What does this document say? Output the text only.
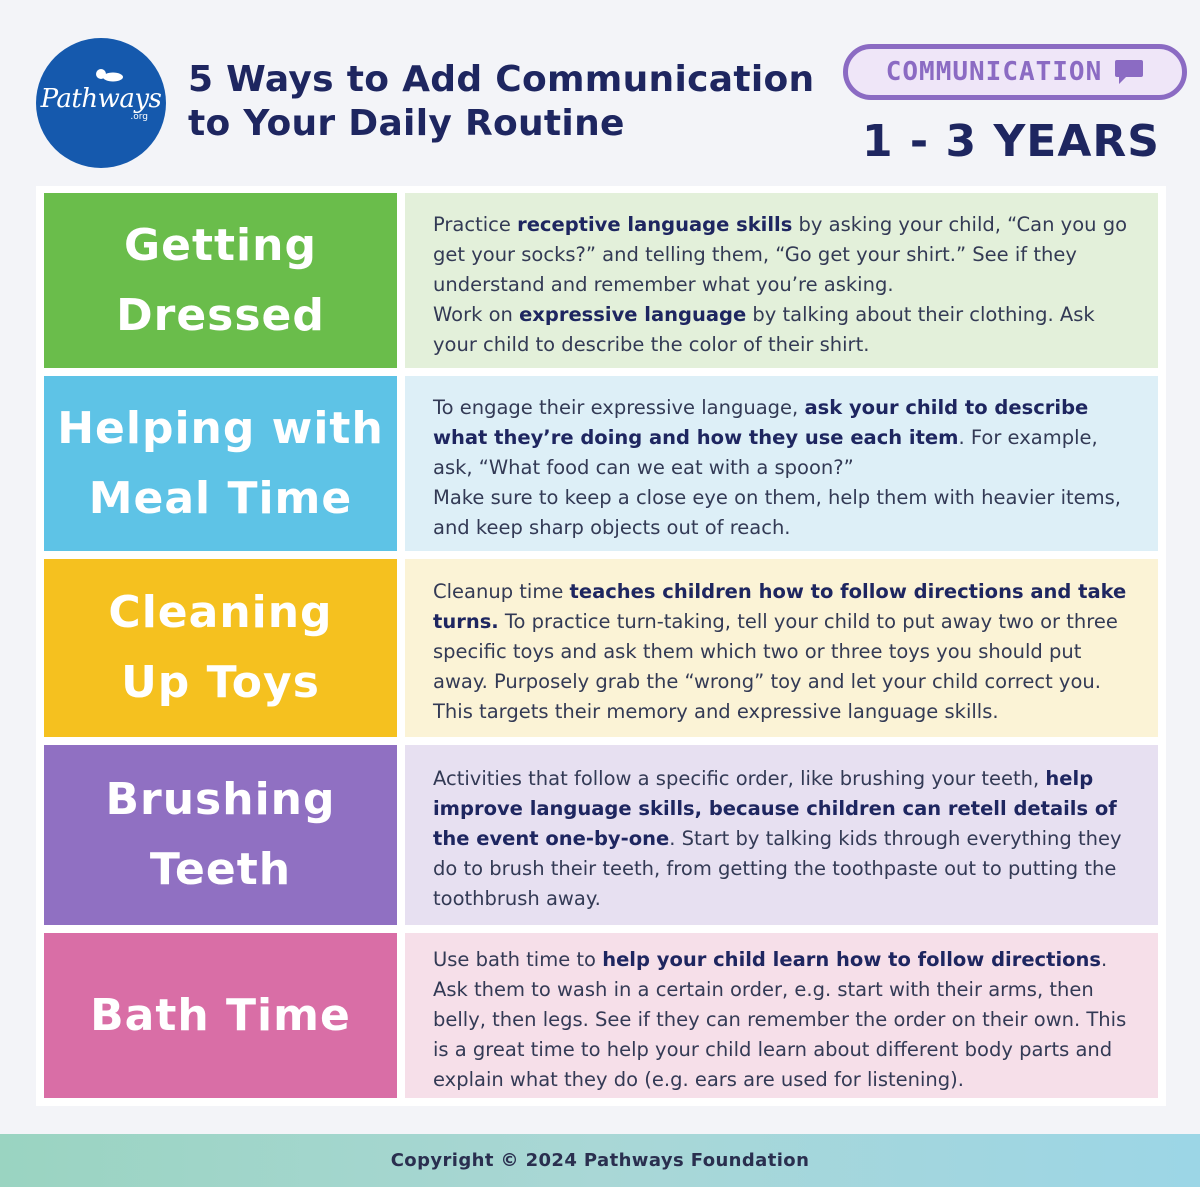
Pathways
.org
5 Ways to Add Communication
to Your Daily Routine
COMMUNICATION
1 - 3 YEARS
Getting
Dressed
Practice receptive language skills by asking your child, “Can you go get your socks?” and telling them, “Go get your shirt.” See if they understand and remember what you’re asking.
Work on expressive language by talking about their clothing. Ask your child to describe the color of their shirt.
Helping with
Meal Time
To engage their expressive language, ask your child to describe what they’re doing and how they use each item. For example, ask, “What food can we eat with a spoon?”
Make sure to keep a close eye on them, help them with heavier items, and keep sharp objects out of reach.
Cleaning
Up Toys
Cleanup time teaches children how to follow directions and take turns. To practice turn-taking, tell your child to put away two or three specific toys and ask them which two or three toys you should put away. Purposely grab the “wrong” toy and let your child correct you. This targets their memory and expressive language skills.
Brushing
Teeth
Activities that follow a specific order, like brushing your teeth, help improve language skills, because children can retell details of the event one-by-one. Start by talking kids through everything they do to brush their teeth, from getting the toothpaste out to putting the toothbrush away.
Bath Time
Use bath time to help your child learn how to follow directions. Ask them to wash in a certain order, e.g. start with their arms, then belly, then legs. See if they can remember the order on their own. This is a great time to help your child learn about different body parts and explain what they do (e.g. ears are used for listening).
Copyright © 2024 Pathways Foundation
